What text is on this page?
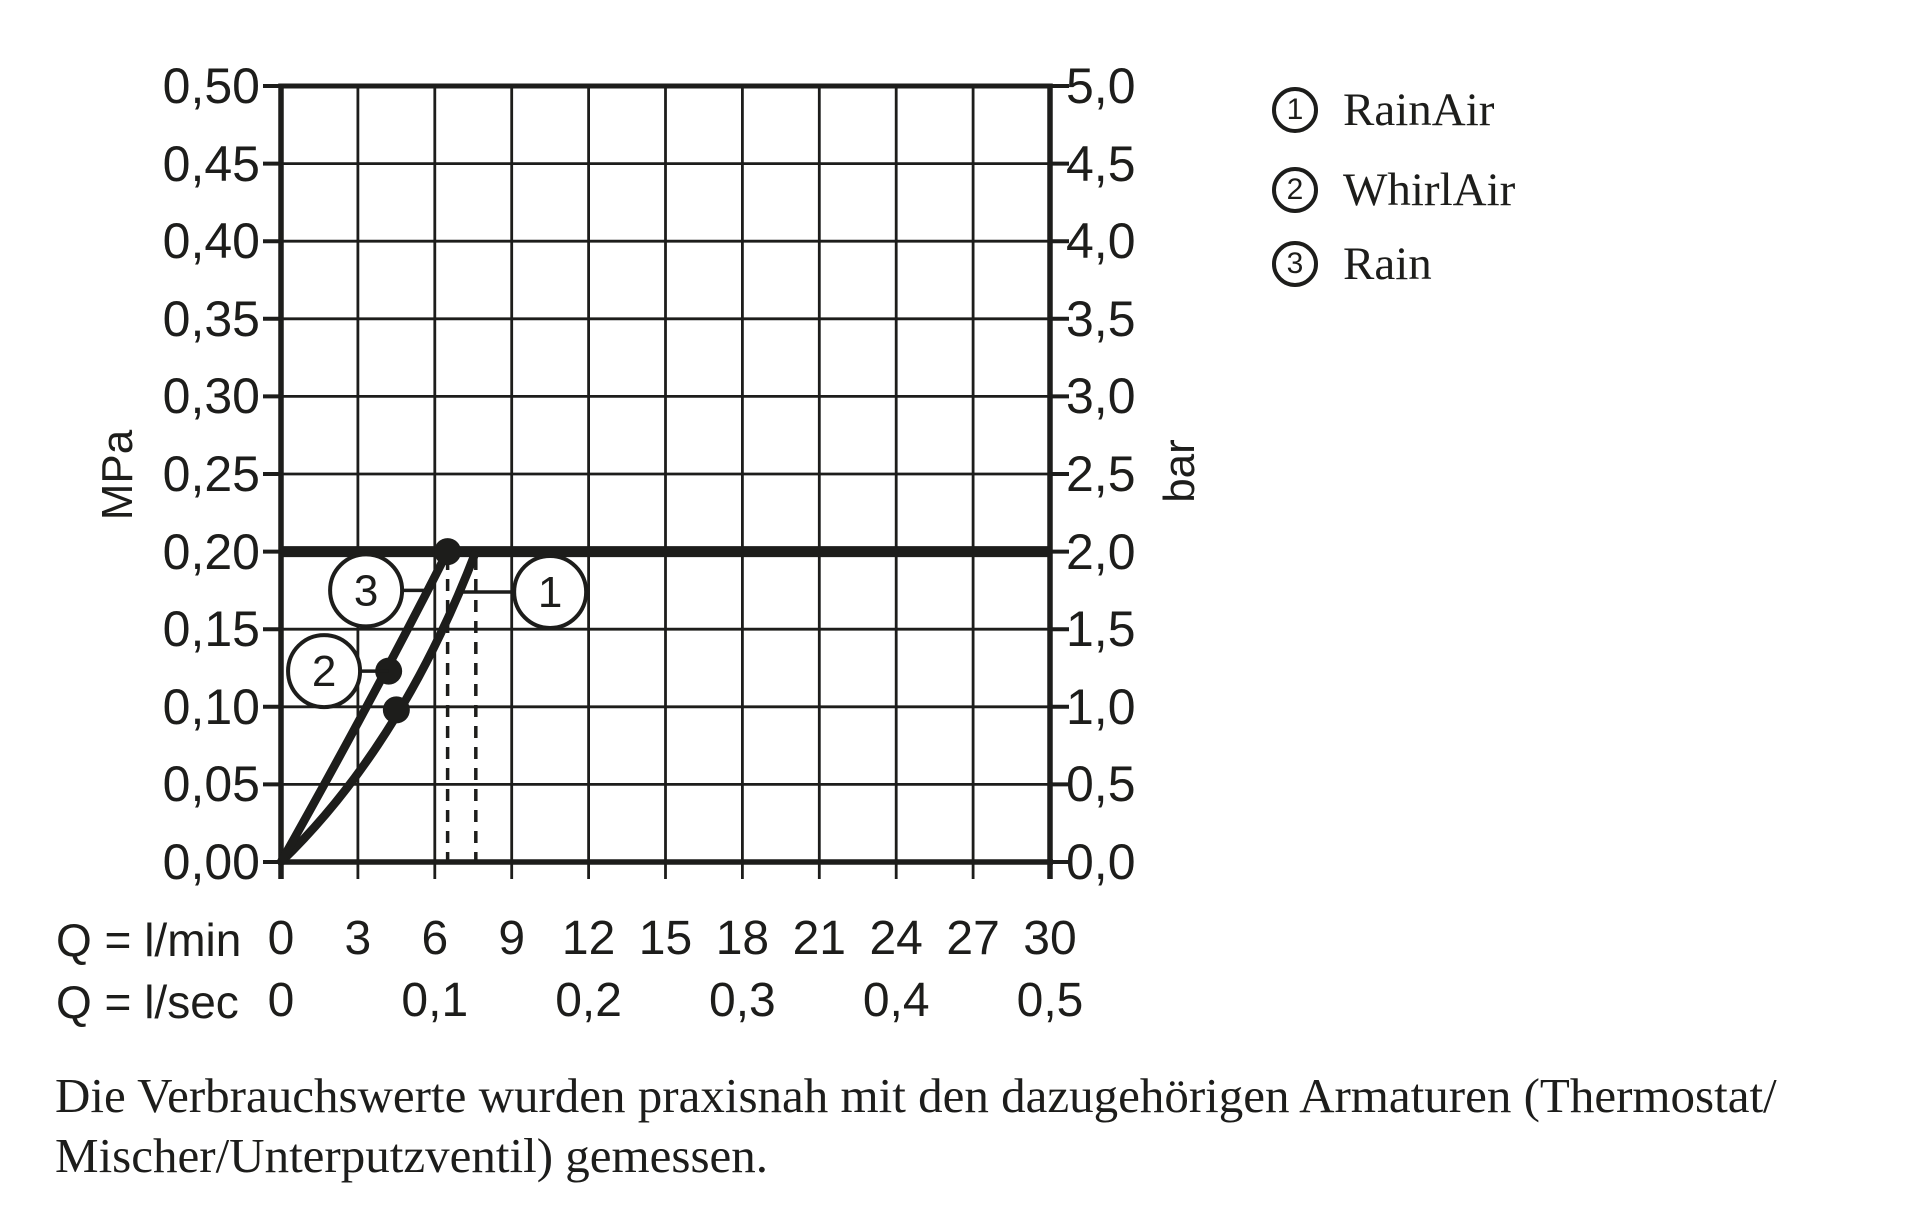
1
2
3
0,50
0,45
0,40
0,35
0,30
0,25
0,20
0,15
0,10
0,05
0,00
5,0
4,5
4,0
3,5
3,0
2,5
2,0
1,5
1,0
0,5
0,0
0	3	6	9 12 15 18 21 24 27 30
0	0,1	0,2	0,3	0,4	0,5
MPa	bar
Q = l/min
Q = l/sec
1 RainAir
2 WhirlAir
3 Rain
Die Verbrauchswerte wurden praxisnah mit den dazugehörigen Armaturen (Thermostat/
Mischer/Unterputzventil) gemessen.
